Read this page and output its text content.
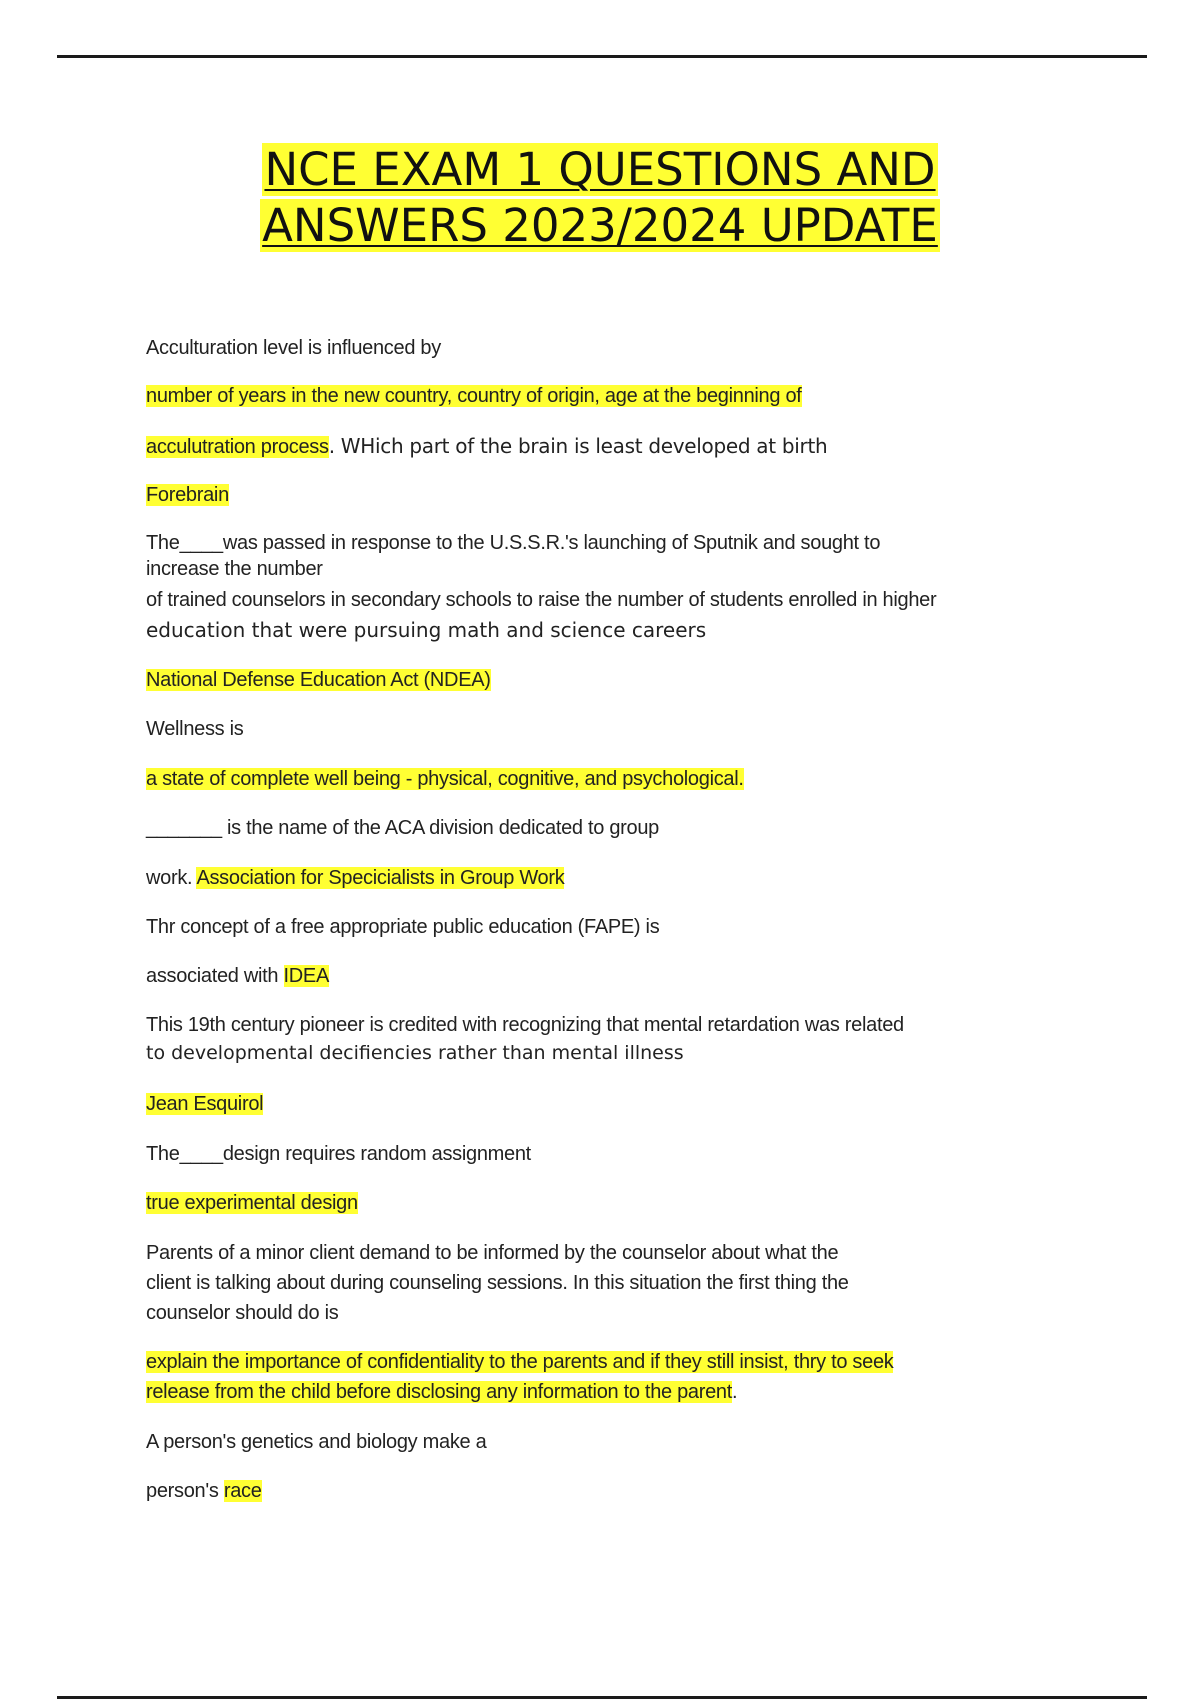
NCE EXAM 1 QUESTIONS AND
ANSWERS 2023/2024 UPDATE
Acculturation level is influenced by
number of years in the new country, country of origin, age at the beginning of
acculutration process. WHich part of the brain is least developed at birth
Forebrain
The____was passed in response to the U.S.S.R.'s launching of Sputnik and sought to
increase the number
of trained counselors in secondary schools to raise the number of students enrolled in higher
education that were pursuing math and science careers
National Defense Education Act (NDEA)
Wellness is
a state of complete well being - physical, cognitive, and psychological.
_______ is the name of the ACA division dedicated to group
work. Association for Specicialists in Group Work
Thr concept of a free appropriate public education (FAPE) is
associated with IDEA
This 19th century pioneer is credited with recognizing that mental retardation was related
to developmental decifiencies rather than mental illness
Jean Esquirol
The____design requires random assignment
true experimental design
Parents of a minor client demand to be informed by the counselor about what the
client is talking about during counseling sessions. In this situation the first thing the
counselor should do is
explain the importance of confidentiality to the parents and if they still insist, thry to seek
release from the child before disclosing any information to the parent.
A person's genetics and biology make a
person's race
